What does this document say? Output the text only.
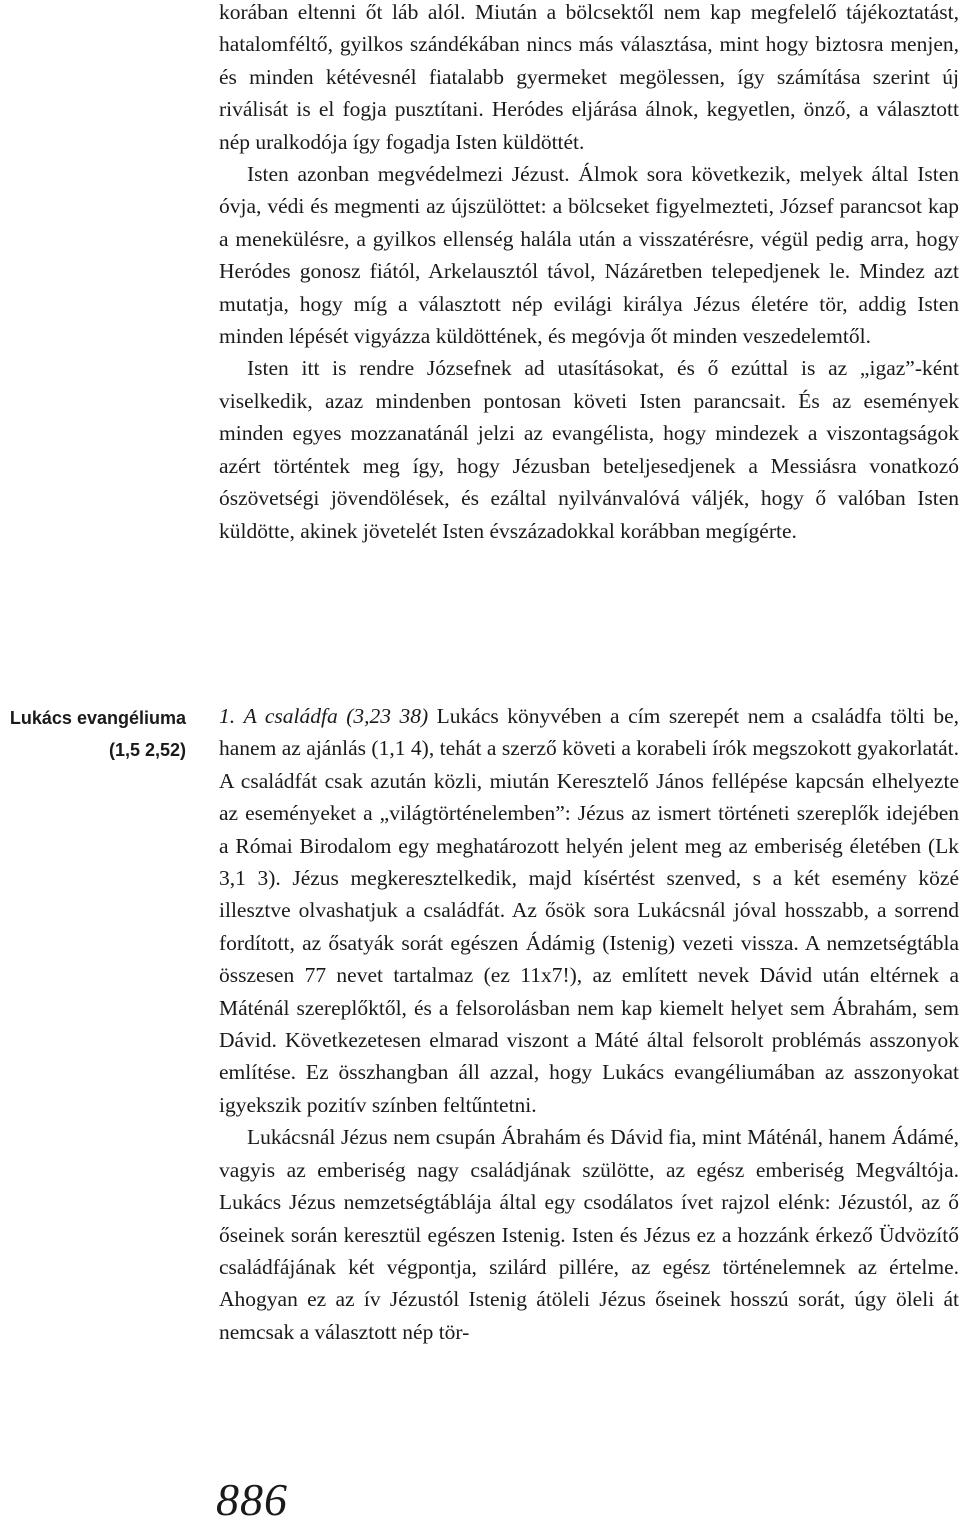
korában eltenni őt láb alól. Miután a bölcsektől nem kap megfelelő tájékoztatást, hatalomféltő, gyilkos szándékában nincs más választása, mint hogy biztosra menjen, és minden kétévesnél fiatalabb gyermeket megölessen, így számítása szerint új riválisát is el fogja pusztítani. Heródes eljárása álnok, kegyetlen, önző, a választott nép uralkodója így fogadja Isten küldöttét.

Isten azonban megvédelmezi Jézust. Álmok sora következik, melyek által Isten óvja, védi és megmenti az újszülöttet: a bölcseket figyelmezteti, József parancsot kap a menekülésre, a gyilkos ellenség halála után a visszatérésre, végül pedig arra, hogy Heródes gonosz fiától, Arkelausztól távol, Názáretben telepedjenek le. Mindez azt mutatja, hogy míg a választott nép evilági királya Jézus életére tör, addig Isten minden lépését vigyázza küldöttének, és megóvja őt minden veszedelemtől.

Isten itt is rendre Józsefnek ad utasításokat, és ő ezúttal is az „igaz”-ként viselkedik, azaz mindenben pontosan követi Isten parancsait. És az események minden egyes mozzanatánál jelzi az evangélista, hogy mindezek a viszontagságok azért történtek meg így, hogy Jézusban beteljesedjenek a Messiásra vonatkozó ószövetségi jövendölések, és ezáltal nyilvánvalóvá váljék, hogy ő valóban Isten küldötte, akinek jövetelét Isten évszázadokkal korábban megígérte.

Lukács evangéliuma
(1,5 2,52)

1. A családfa (3,23 38) Lukács könyvében a cím szerepét nem a családfa tölti be, hanem az ajánlás (1,1 4), tehát a szerző követi a korabeli írók megszokott gyakorlatát. A családfát csak azután közli, miután Keresztelő János fellépése kapcsán elhelyezte az eseményeket a „világtörténelemben”: Jézus az ismert történeti szereplők idejében a Római Birodalom egy meghatározott helyén jelent meg az emberiség életében (Lk 3,1 3). Jézus megkeresztelkedik, majd kísértést szenved, s a két esemény közé illesztve olvashatjuk a családfát. Az ősök sora Lukácsnál jóval hosszabb, a sorrend fordított, az ősatyák sorát egészen Ádámig (Istenig) vezeti vissza. A nemzetségtábla összesen 77 nevet tartalmaz (ez 11x7!), az említett nevek Dávid után eltérnek a Máténál szereplőktől, és a felsorolásban nem kap kiemelt helyet sem Ábrahám, sem Dávid. Következetesen elmarad viszont a Máté által felsorolt problémás asszonyok említése. Ez összhangban áll azzal, hogy Lukács evangéliumában az asszonyokat igyekszik pozitív színben feltűntetni.

Lukácsnál Jézus nem csupán Ábrahám és Dávid fia, mint Máténál, hanem Ádámé, vagyis az emberiség nagy családjának szülötte, az egész emberiség Megváltója. Lukács Jézus nemzetségtáblája által egy csodálatos ívet rajzol elénk: Jézustól, az ő őseinek során keresztül egészen Istenig. Isten és Jézus ez a hozzánk érkező Üdvözítő családfájának két végpontja, szilárd pillére, az egész történelemnek az értelme. Ahogyan ez az ív Jézustól Istenig átöleli Jézus őseinek hosszú sorát, úgy öleli át nemcsak a választott nép tör-

886
